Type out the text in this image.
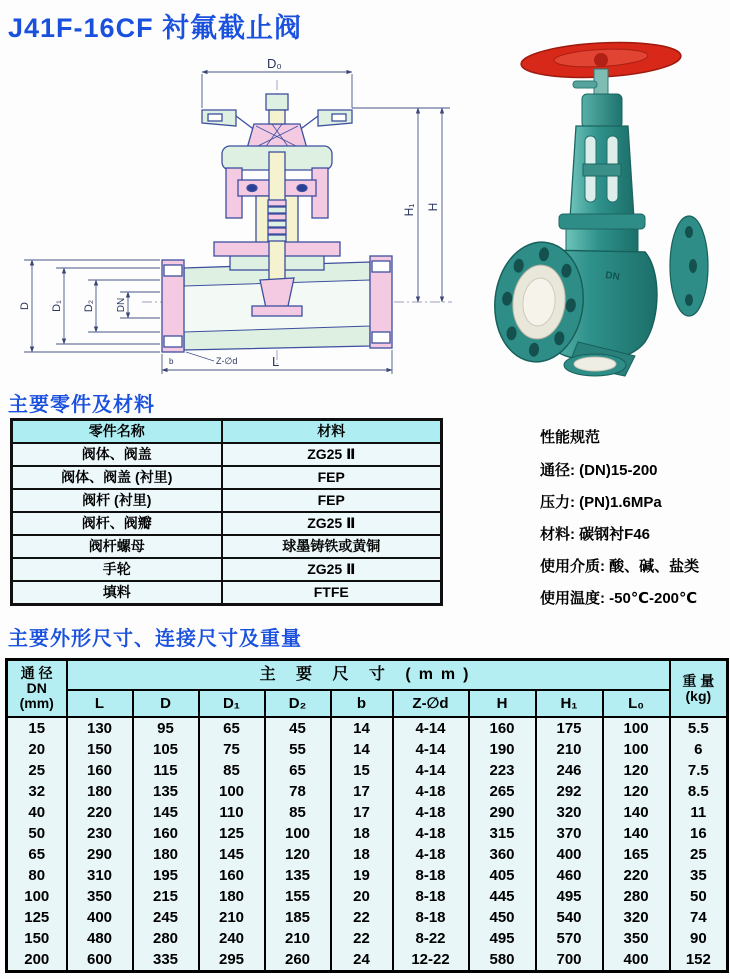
J41F-16CF 衬氟截止阀
D₀
D D₁ D₂ DN
H₁ H
L
b	Z-∅d
DN
主要零件及材料
零件名称	材料
阀体、阀盖	ZG25 Ⅱ
阀体、阀盖 (衬里)	FEP
阀杆 (衬里)	FEP
阀杆、阀瓣	ZG25 Ⅱ
阀杆螺母	球墨铸铁或黄铜
手轮	ZG25 Ⅱ
填料	FTFE
性能规范
通径: (DN)15-200
压力: (PN)1.6MPa
材料: 碳钢衬F46
使用介质: 酸、碱、盐类
使用温度: -50℃-200℃
主要外形尺寸、连接尺寸及重量
通 径
DN
(mm)
	主 要 尺 寸 (mm)	重 量
(kg)

	L	D	D₁	D₂	b	Z-∅d	H	H₁	L₀	
15	130	95	65	45	14	4-14	160	175	100	5.5
20	150	105	75	55	14	4-14	190	210	100	6
25	160	115	85	65	15	4-14	223	246	120	7.5
32	180	135	100	78	17	4-18	265	292	120	8.5
40	220	145	110	85	17	4-18	290	320	140	11
50	230	160	125	100	18	4-18	315	370	140	16
65	290	180	145	120	18	4-18	360	400	165	25
80	310	195	160	135	19	8-18	405	460	220	35
100	350	215	180	155	20	8-18	445	495	280	50
125	400	245	210	185	22	8-18	450	540	320	74
150	480	280	240	210	22	8-22	495	570	350	90
200	600	335	295	260	24	12-22	580	700	400	152
